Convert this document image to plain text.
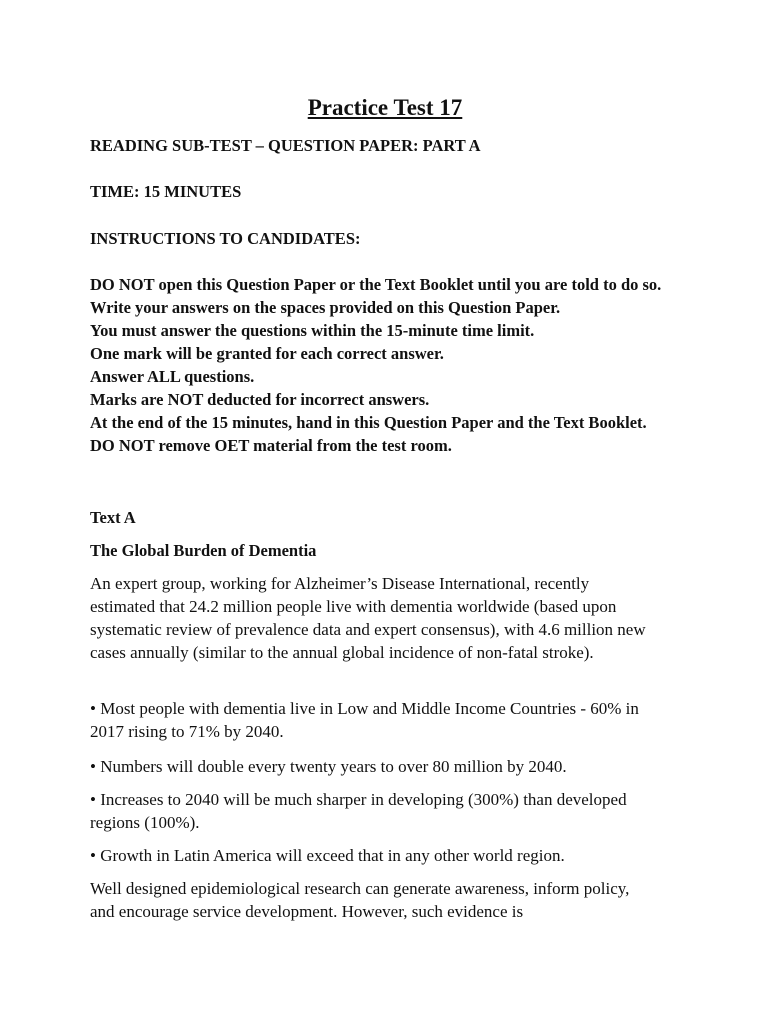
Practice Test 17

READING SUB-TEST – QUESTION PAPER: PART A

TIME: 15 MINUTES

INSTRUCTIONS TO CANDIDATES:

DO NOT open this Question Paper or the Text Booklet until you are told to do so.
Write your answers on the spaces provided on this Question Paper.
You must answer the questions within the 15-minute time limit.
One mark will be granted for each correct answer.
Answer ALL questions.
Marks are NOT deducted for incorrect answers.
At the end of the 15 minutes, hand in this Question Paper and the Text Booklet.
DO NOT remove OET material from the test room.

Text A

The Global Burden of Dementia

An expert group, working for Alzheimer’s Disease International, recently estimated that 24.2 million people live with dementia worldwide (based upon systematic review of prevalence data and expert consensus), with 4.6 million new cases annually (similar to the annual global incidence of non-fatal stroke).

• Most people with dementia live in Low and Middle Income Countries - 60% in 2017 rising to 71% by 2040.

• Numbers will double every twenty years to over 80 million by 2040.

• Increases to 2040 will be much sharper in developing (300%) than developed regions (100%).

• Growth in Latin America will exceed that in any other world region.

Well designed epidemiological research can generate awareness, inform policy, and encourage service development. However, such evidence is
